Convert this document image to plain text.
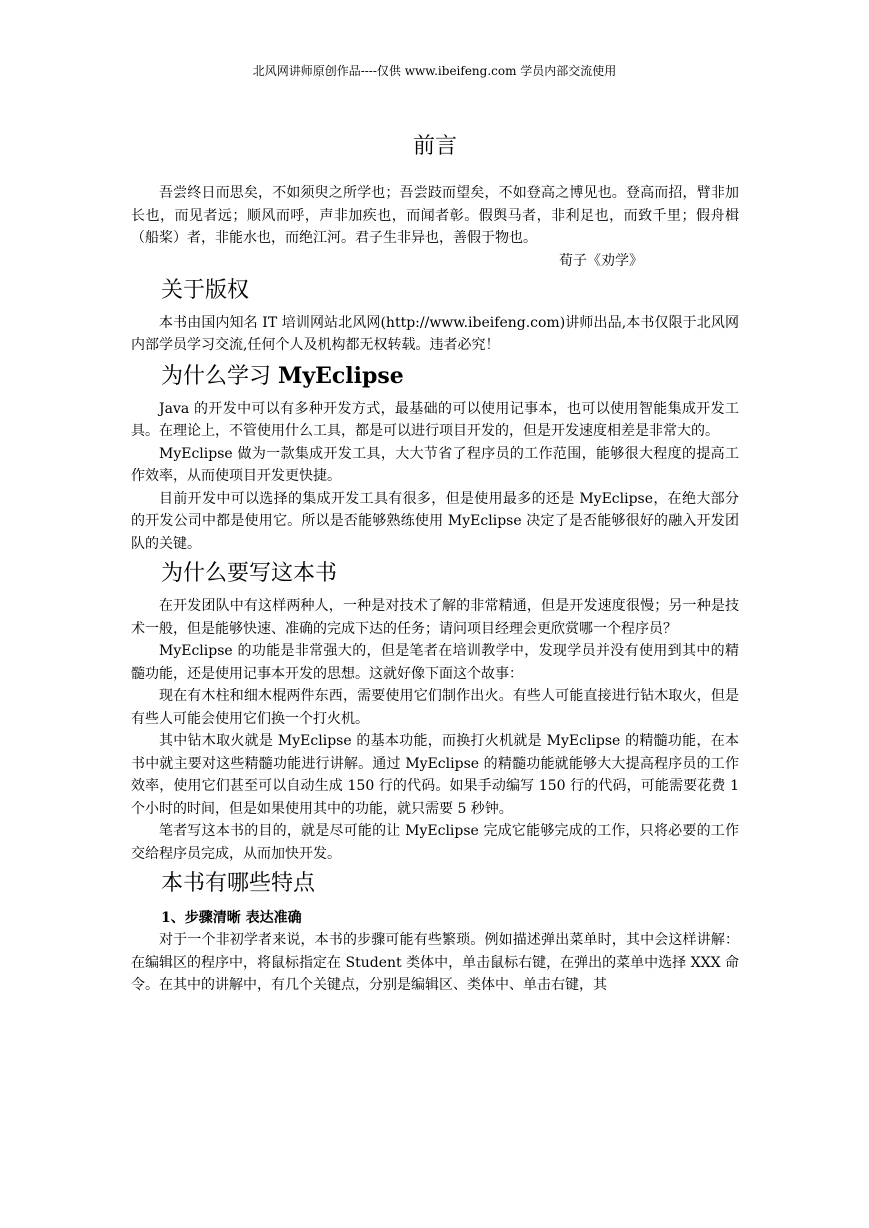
北风网讲师原创作品----仅供 www.ibeifeng.com 学员内部交流使用
前言

吾尝终日而思矣，不如须臾之所学也；吾尝跂而望矣，不如登高之博见也。登高而招，臂非加长也，而见者远；顺风而呼，声非加疾也，而闻者彰。假舆马者，非利足也，而致千里；假舟楫（船桨）者，非能水也，而绝江河。君子生非异也，善假于物也。

荀子《劝学》
关于版权

本书由国内知名 IT 培训网站北风网(http://www.ibeifeng.com)讲师出品,本书仅限于北风网内部学员学习交流,任何个人及机构都无权转载。违者必究！

为什么学习 MyEclipse

Java 的开发中可以有多种开发方式，最基础的可以使用记事本，也可以使用智能集成开发工具。在理论上，不管使用什么工具，都是可以进行项目开发的，但是开发速度相差是非常大的。

MyEclipse 做为一款集成开发工具，大大节省了程序员的工作范围，能够很大程度的提高工作效率，从而使项目开发更快捷。

目前开发中可以选择的集成开发工具有很多，但是使用最多的还是 MyEclipse，在绝大部分的开发公司中都是使用它。所以是否能够熟练使用 MyEclipse 决定了是否能够很好的融入开发团队的关键。

为什么要写这本书

在开发团队中有这样两种人，一种是对技术了解的非常精通，但是开发速度很慢；另一种是技术一般，但是能够快速、准确的完成下达的任务；请问项目经理会更欣赏哪一个程序员？

MyEclipse 的功能是非常强大的，但是笔者在培训教学中，发现学员并没有使用到其中的精髓功能，还是使用记事本开发的思想。这就好像下面这个故事：

现在有木柱和细木棍两件东西，需要使用它们制作出火。有些人可能直接进行钻木取火，但是有些人可能会使用它们换一个打火机。

其中钻木取火就是 MyEclipse 的基本功能，而换打火机就是 MyEclipse 的精髓功能，在本书中就主要对这些精髓功能进行讲解。通过 MyEclipse 的精髓功能就能够大大提高程序员的工作效率，使用它们甚至可以自动生成 150 行的代码。如果手动编写 150 行的代码，可能需要花费 1 个小时的时间，但是如果使用其中的功能，就只需要 5 秒钟。

笔者写这本书的目的，就是尽可能的让 MyEclipse 完成它能够完成的工作，只将必要的工作交给程序员完成，从而加快开发。

本书有哪些特点
1、步骤清晰 表达准确

对于一个非初学者来说，本书的步骤可能有些繁琐。例如描述弹出菜单时，其中会这样讲解：在编辑区的程序中，将鼠标指定在 Student 类体中，单击鼠标右键，在弹出的菜单中选择 XXX 命令。在其中的讲解中，有几个关键点，分别是编辑区、类体中、单击右键，其
